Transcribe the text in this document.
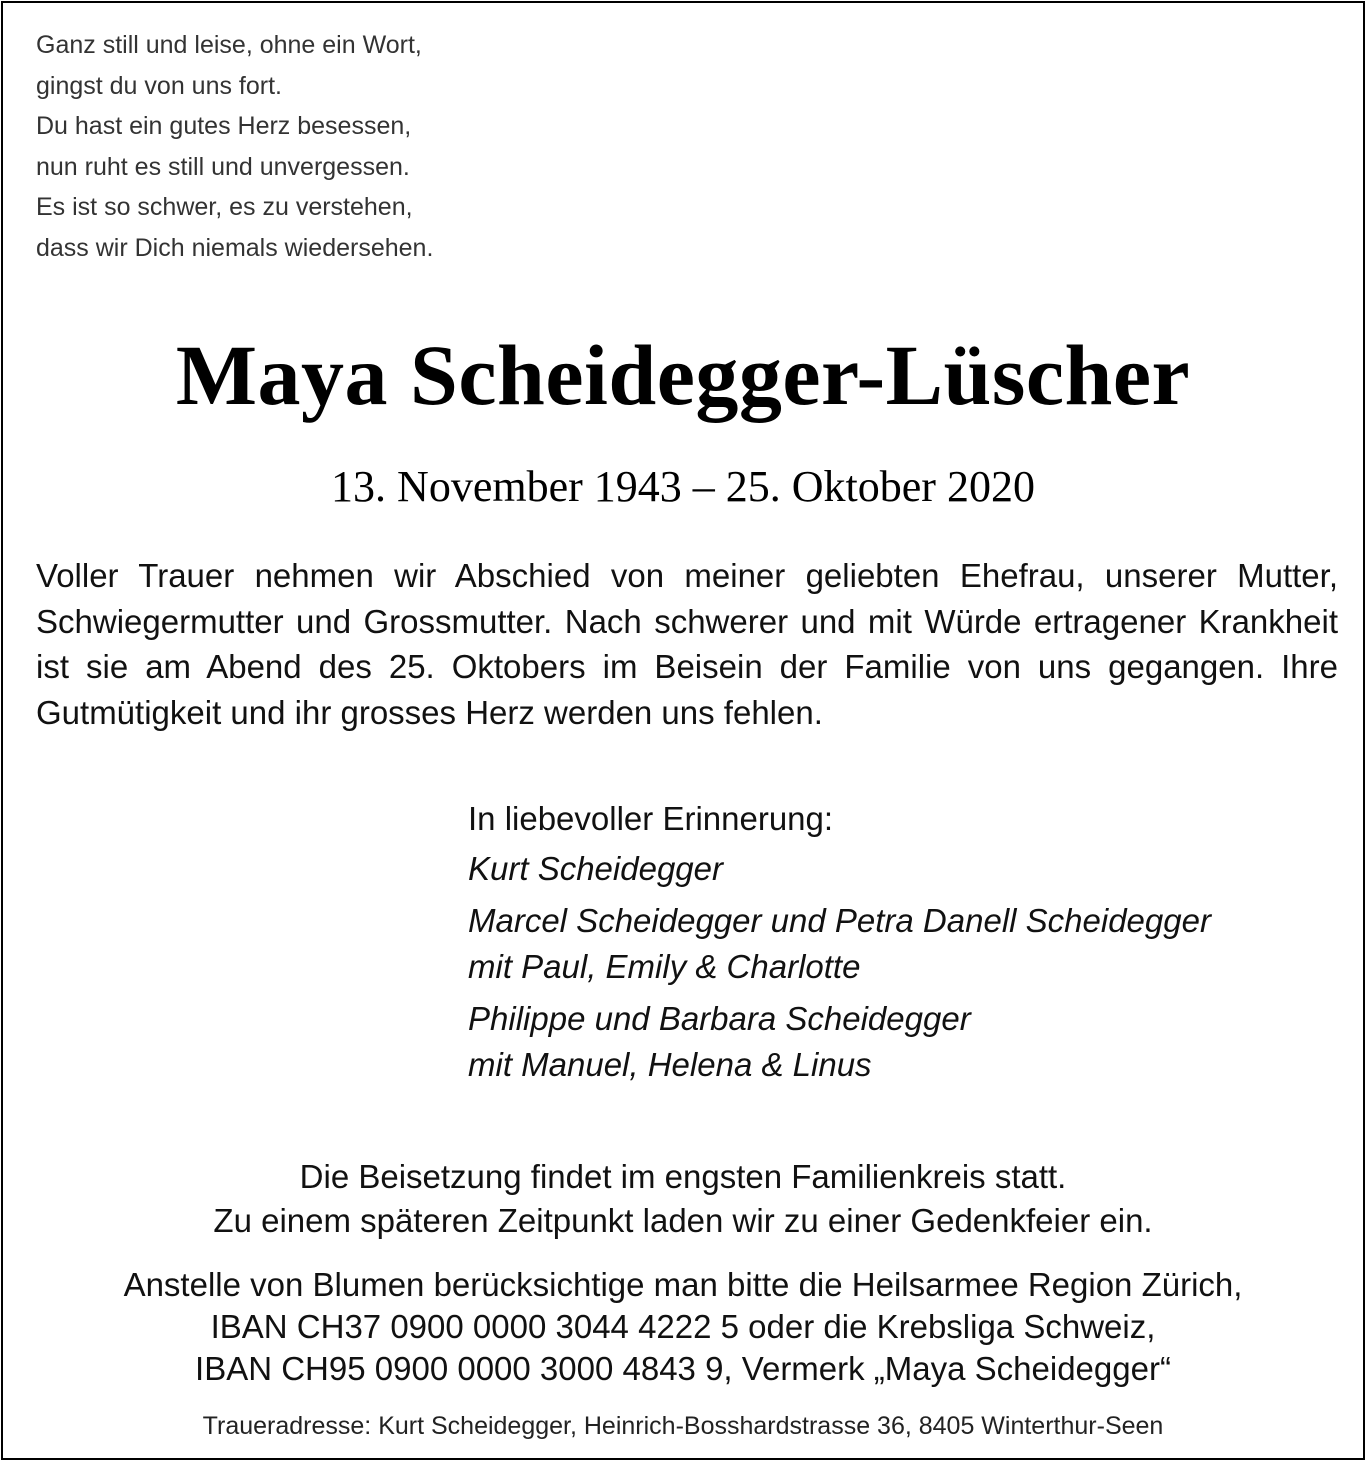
Ganz still und leise, ohne ein Wort,
gingst du von uns fort.
Du hast ein gutes Herz besessen,
nun ruht es still und unvergessen.
Es ist so schwer, es zu verstehen,
dass wir Dich niemals wiedersehen.
Maya Scheidegger-Lüscher
13. November 1943 – 25. Oktober 2020
Voller Trauer nehmen wir Abschied von meiner geliebten Ehefrau, unserer Mutter, Schwiegermutter und Grossmutter. Nach schwerer und mit Würde ertragener Krankheit ist sie am Abend des 25. Oktobers im Beisein der Familie von uns gegangen. Ihre Gutmütigkeit und ihr grosses Herz werden uns fehlen.
In liebevoller Erinnerung:
Kurt Scheidegger
Marcel Scheidegger und Petra Danell Scheidegger
mit Paul, Emily & Charlotte
Philippe und Barbara Scheidegger
mit Manuel, Helena & Linus
Die Beisetzung findet im engsten Familienkreis statt.
Zu einem späteren Zeitpunkt laden wir zu einer Gedenkfeier ein.
Anstelle von Blumen berücksichtige man bitte die Heilsarmee Region Zürich,
IBAN CH37 0900 0000 3044 4222 5 oder die Krebsliga Schweiz,
IBAN CH95 0900 0000 3000 4843 9, Vermerk „Maya Scheidegger“
Traueradresse: Kurt Scheidegger, Heinrich-Bosshardstrasse 36, 8405 Winterthur-Seen
